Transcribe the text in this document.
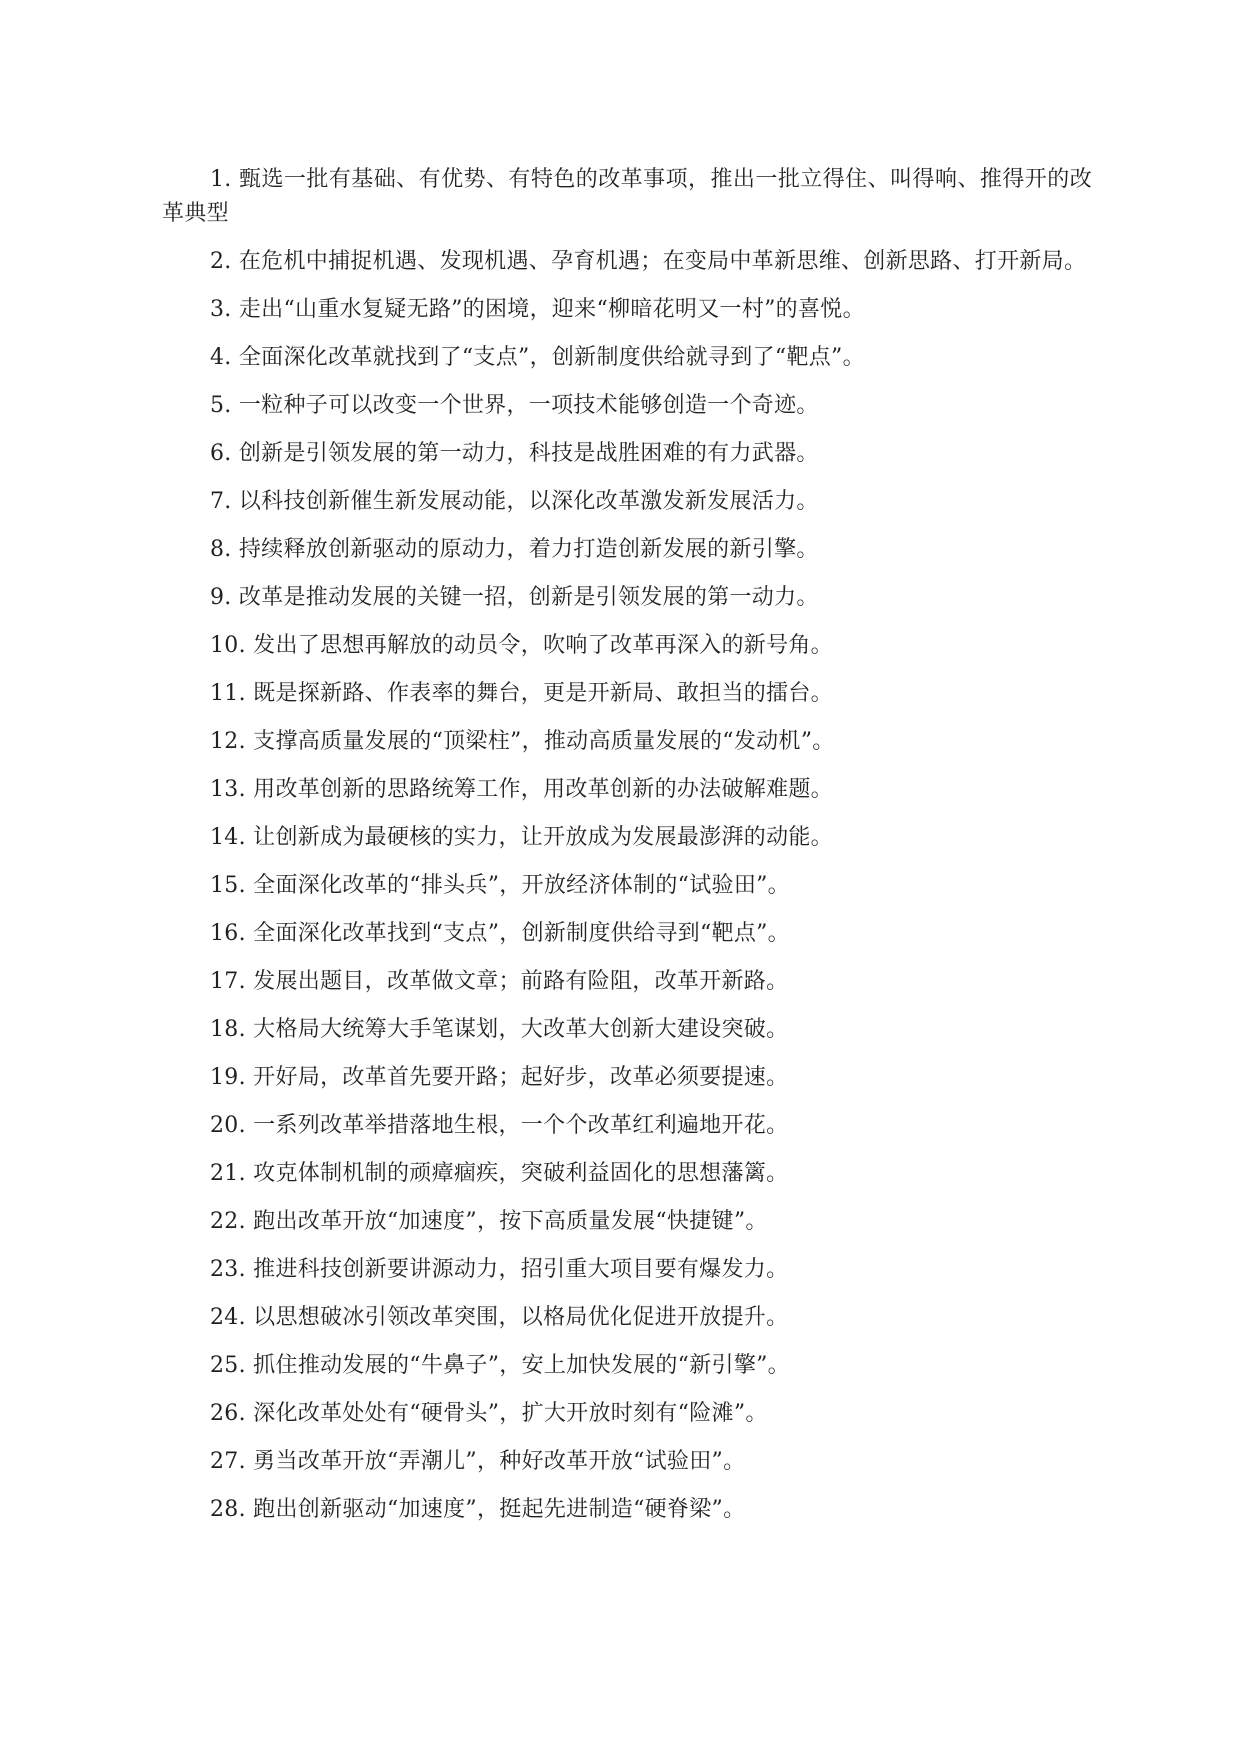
1. 甄选一批有基础、有优势、有特色的改革事项，推出一批立得住、叫得响、推得开的改革典型

2. 在危机中捕捉机遇、发现机遇、孕育机遇；在变局中革新思维、创新思路、打开新局。

3. 走出“山重水复疑无路”的困境，迎来“柳暗花明又一村”的喜悦。

4. 全面深化改革就找到了“支点”，创新制度供给就寻到了“靶点”。

5. 一粒种子可以改变一个世界，一项技术能够创造一个奇迹。

6. 创新是引领发展的第一动力，科技是战胜困难的有力武器。

7. 以科技创新催生新发展动能，以深化改革激发新发展活力。

8. 持续释放创新驱动的原动力，着力打造创新发展的新引擎。

9. 改革是推动发展的关键一招，创新是引领发展的第一动力。

10. 发出了思想再解放的动员令，吹响了改革再深入的新号角。

11. 既是探新路、作表率的舞台，更是开新局、敢担当的擂台。

12. 支撑高质量发展的“顶梁柱”，推动高质量发展的“发动机”。

13. 用改革创新的思路统筹工作，用改革创新的办法破解难题。

14. 让创新成为最硬核的实力，让开放成为发展最澎湃的动能。

15. 全面深化改革的“排头兵”，开放经济体制的“试验田”。

16. 全面深化改革找到“支点”，创新制度供给寻到“靶点”。

17. 发展出题目，改革做文章；前路有险阻，改革开新路。

18. 大格局大统筹大手笔谋划，大改革大创新大建设突破。

19. 开好局，改革首先要开路；起好步，改革必须要提速。

20. 一系列改革举措落地生根，一个个改革红利遍地开花。

21. 攻克体制机制的顽瘴痼疾，突破利益固化的思想藩篱。

22. 跑出改革开放“加速度”，按下高质量发展“快捷键”。

23. 推进科技创新要讲源动力，招引重大项目要有爆发力。

24. 以思想破冰引领改革突围，以格局优化促进开放提升。

25. 抓住推动发展的“牛鼻子”，安上加快发展的“新引擎”。

26. 深化改革处处有“硬骨头”，扩大开放时刻有“险滩”。

27. 勇当改革开放“弄潮儿”，种好改革开放“试验田”。

28. 跑出创新驱动“加速度”，挺起先进制造“硬脊梁”。
